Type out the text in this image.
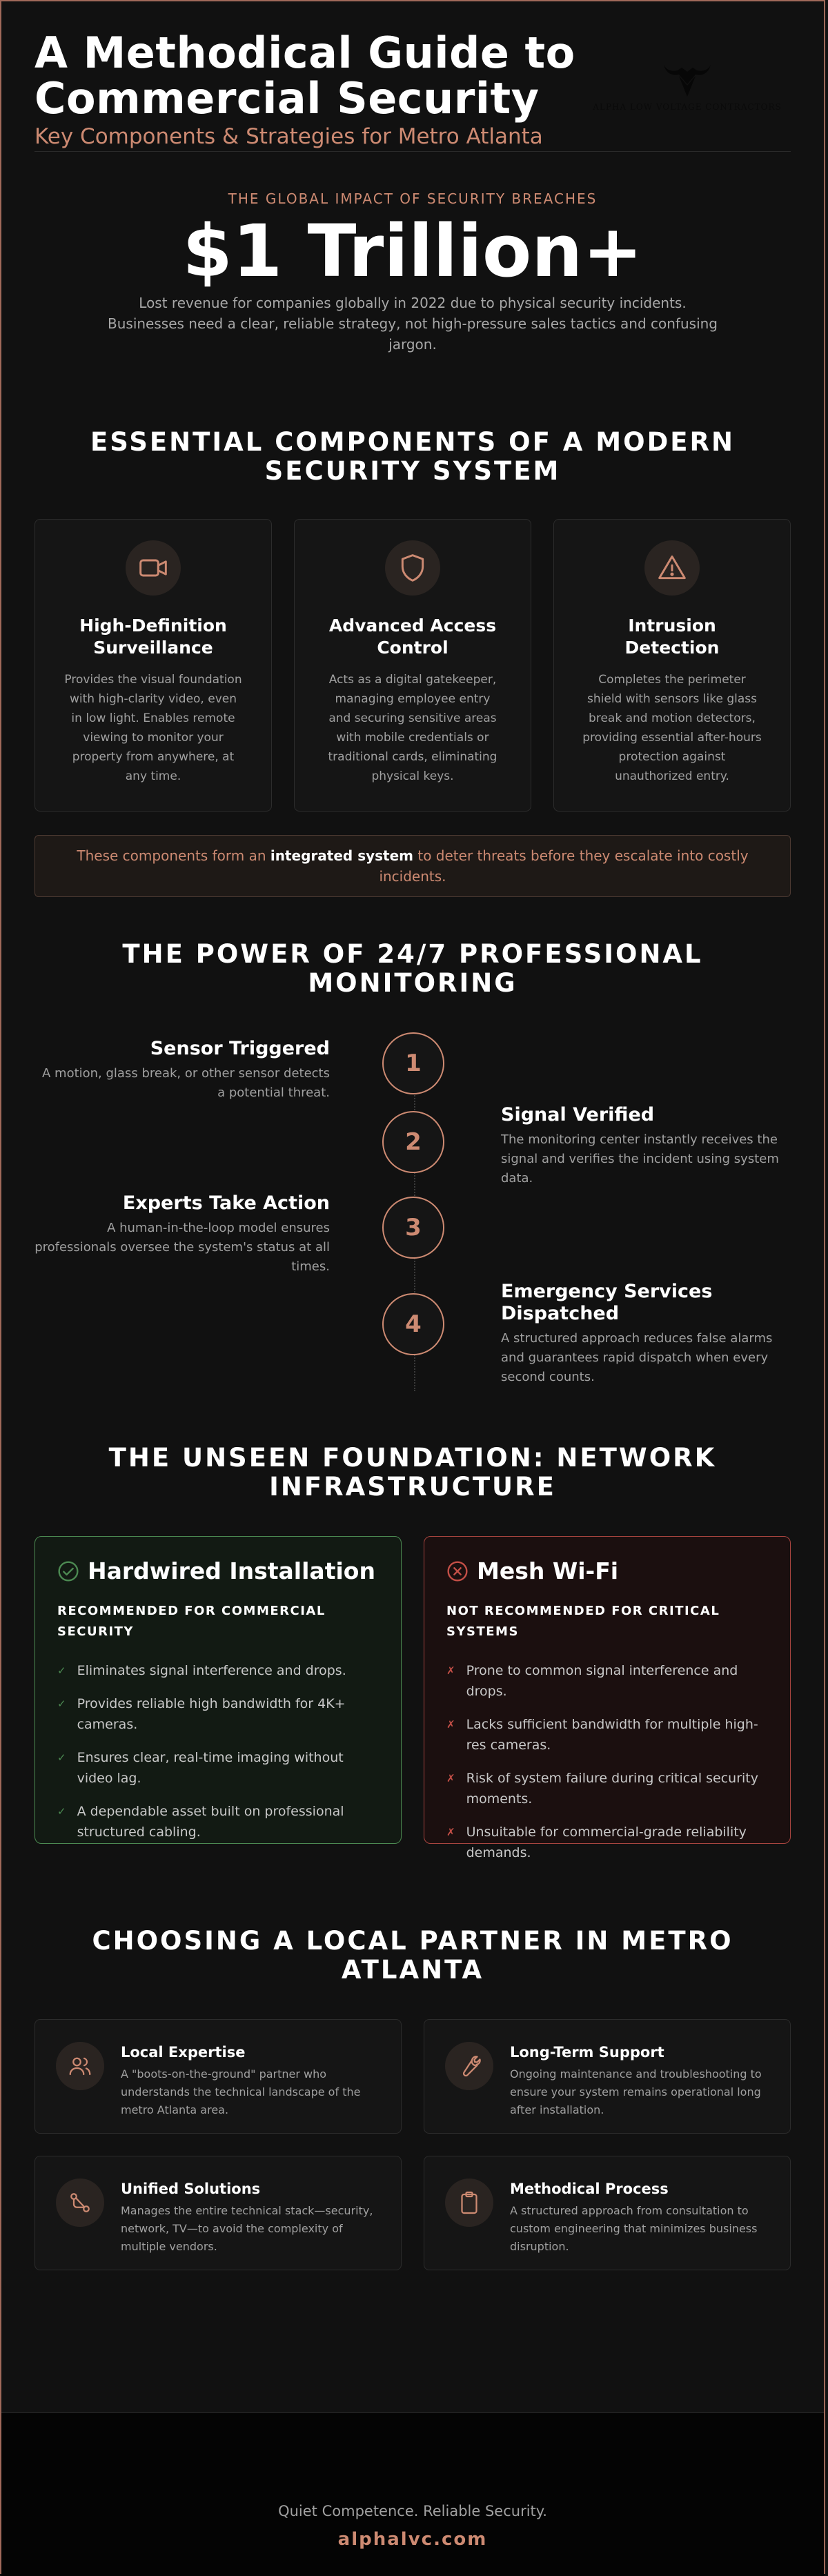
A Methodical Guide to
Commercial Security
Key Components & Strategies for Metro Atlanta
ALPHA LOW VOLTAGE CONTRACTORS
THE GLOBAL IMPACT OF SECURITY BREACHES
$1 Trillion+
Lost revenue for companies globally in 2022 due to physical security incidents. Businesses need a clear, reliable strategy, not high-pressure sales tactics and confusing jargon.
ESSENTIAL COMPONENTS OF A MODERN SECURITY SYSTEM
High-Definition Surveillance

Provides the visual foundation with high-clarity video, even in low light. Enables remote viewing to monitor your property from anywhere, at any time.

Advanced Access Control

Acts as a digital gatekeeper, managing employee entry and securing sensitive areas with mobile credentials or traditional cards, eliminating physical keys.

Intrusion Detection

Completes the perimeter shield with sensors like glass break and motion detectors, providing essential after-hours protection against unauthorized entry.

These components form an integrated system to deter threats before they escalate into costly incidents.
THE POWER OF 24/7 PROFESSIONAL MONITORING
1
Sensor Triggered

A motion, glass break, or other sensor detects a potential threat.

2
Signal Verified

The monitoring center instantly receives the signal and verifies the incident using system data.

3
Experts Take Action

A human-in-the-loop model ensures professionals oversee the system's status at all times.

4
Emergency Services Dispatched

A structured approach reduces false alarms and guarantees rapid dispatch when every second counts.

THE UNSEEN FOUNDATION: NETWORK INFRASTRUCTURE
Hardwired Installation
RECOMMENDED FOR COMMERCIAL SECURITY
✓ Eliminates signal interference and drops.
✓ Provides reliable high bandwidth for 4K+ cameras.
✓ Ensures clear, real-time imaging without video lag.
✓ A dependable asset built on professional structured cabling.
Mesh Wi-Fi
NOT RECOMMENDED FOR CRITICAL SYSTEMS
✗ Prone to common signal interference and drops.
✗ Lacks sufficient bandwidth for multiple high-res cameras.
✗ Risk of system failure during critical security moments.
✗ Unsuitable for commercial-grade reliability demands.
CHOOSING A LOCAL PARTNER IN METRO ATLANTA
Local Expertise

A "boots-on-the-ground" partner who understands the technical landscape of the metro Atlanta area.

Long-Term Support

Ongoing maintenance and troubleshooting to ensure your system remains operational long after installation.

Unified Solutions

Manages the entire technical stack—security, network, TV—to avoid the complexity of multiple vendors.

Methodical Process

A structured approach from consultation to custom engineering that minimizes business disruption.

Quiet Competence. Reliable Security.
alphalvc.com
